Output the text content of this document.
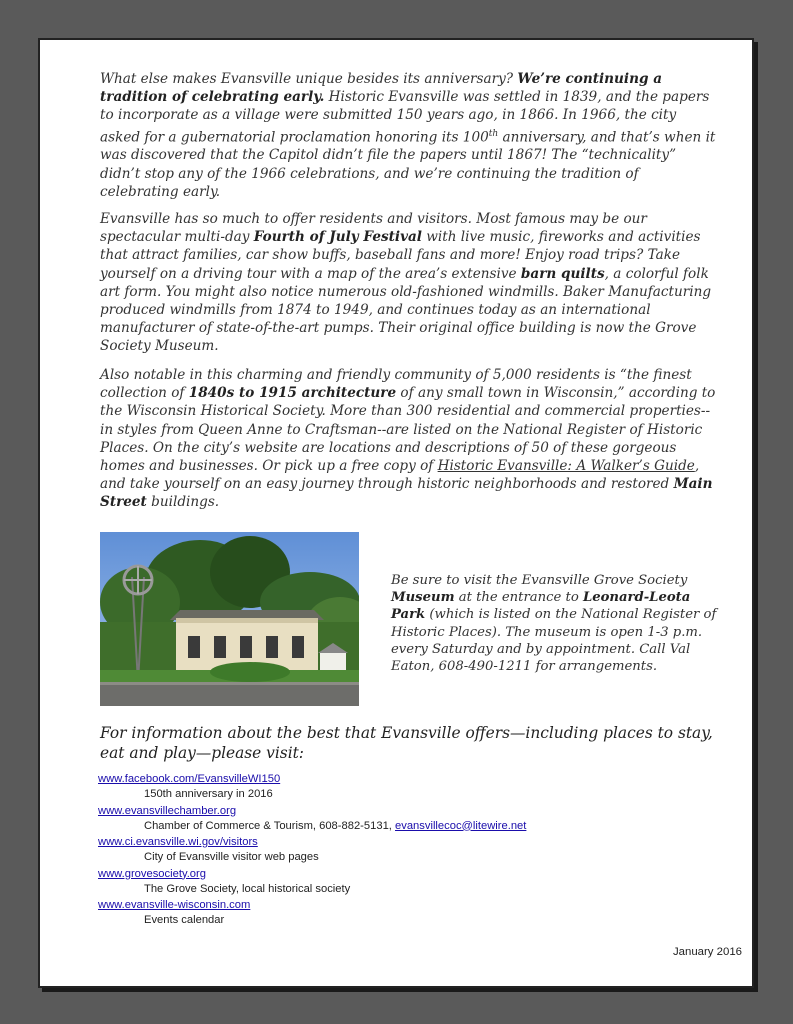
What else makes Evansville unique besides its anniversary? We’re continuing a tradition of celebrating early. Historic Evansville was settled in 1839, and the papers to incorporate as a village were submitted 150 years ago, in 1866. In 1966, the city asked for a gubernatorial proclamation honoring its 100th anniversary, and that’s when it was discovered that the Capitol didn’t file the papers until 1867! The “technicality” didn’t stop any of the 1966 celebrations, and we’re continuing the tradition of celebrating early.

Evansville has so much to offer residents and visitors. Most famous may be our spectacular multi-day Fourth of July Festival with live music, fireworks and activities that attract families, car show buffs, baseball fans and more! Enjoy road trips? Take yourself on a driving tour with a map of the area’s extensive barn quilts, a colorful folk art form. You might also notice numerous old-fashioned windmills. Baker Manufacturing produced windmills from 1874 to 1949, and continues today as an international manufacturer of state-of-the-art pumps. Their original office building is now the Grove Society Museum.

Also notable in this charming and friendly community of 5,000 residents is “the finest collection of 1840s to 1915 architecture of any small town in Wisconsin,” according to the Wisconsin Historical Society. More than 300 residential and commercial properties--in styles from Queen Anne to Craftsman--are listed on the National Register of Historic Places. On the city’s website are locations and descriptions of 50 of these gorgeous homes and businesses. Or pick up a free copy of Historic Evansville: A Walker’s Guide, and take yourself on an easy journey through historic neighborhoods and restored Main Street buildings.

Be sure to visit the Evansville Grove Society Museum at the entrance to Leonard-Leota Park (which is listed on the National Register of Historic Places). The museum is open 1-3 p.m. every Saturday and by appointment. Call Val Eaton, 608-490-1211 for arrangements.
For information about the best that Evansville offers—including places to stay, eat and play—please visit:
www.facebook.com/EvansvilleWI150
150th anniversary in 2016
www.evansvillechamber.org
Chamber of Commerce & Tourism, 608-882-5131, evansvillecoc@litewire.net
www.ci.evansville.wi.gov/visitors
City of Evansville visitor web pages
www.grovesociety.org
The Grove Society, local historical society
www.evansville-wisconsin.com
Events calendar
January 2016
